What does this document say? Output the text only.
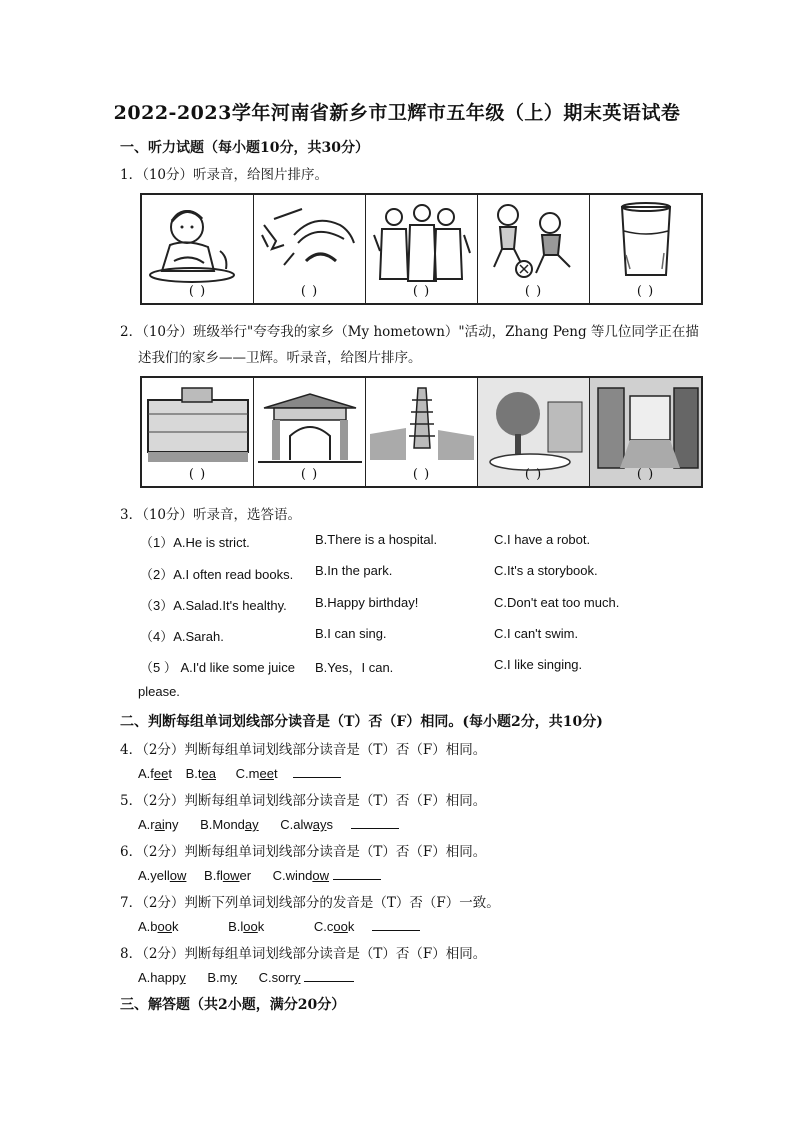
2022-2023学年河南省新乡市卫辉市五年级（上）期末英语试卷
一、听力试题（每小题10分，共30分）
1．（10分）听录音，给图片排序。
( )	( )	( )	( )	( )
2．（10分）班级举行"夸夸我的家乡（My hometown）"活动，Zhang Peng 等几位同学正在描
述我们的家乡——卫辉。听录音，给图片排序。
( )	( )	( )	( )	( )
3．（10分）听录音，选答语。
（1）A.He is strict.	B.There is a hospital.	C.I have a robot.
（2）A.I often read books. B.In the park.	C.It's a storybook.
（3）A.Salad.It's healthy. B.Happy birthday!	C.Don't eat too much.
（4）A.Sarah.	B.I can sing.	C.I can't swim.
（5 ） A.I'd like some juice B.Yes，I can.	C.I like singing.
please.
二、判断每组单词划线部分读音是（T）否（F）相同。(每小题2分，共10分)
4．（2分）判断每组单词划线部分读音是（T）否（F）相同。
A.feet B.tea C.meet
5．（2分）判断每组单词划线部分读音是（T）否（F）相同。
A.rainy B.Monday C.always
6．（2分）判断每组单词划线部分读音是（T）否（F）相同。
A.yellow B.flower C.window
7．（2分）判断下列单词划线部分的发音是（T）否（F）一致。
A.book	B.look	C.cook
8．（2分）判断每组单词划线部分读音是（T）否（F）相同。
A.happy B.my C.sorry
三、解答题（共2小题，满分20分）
